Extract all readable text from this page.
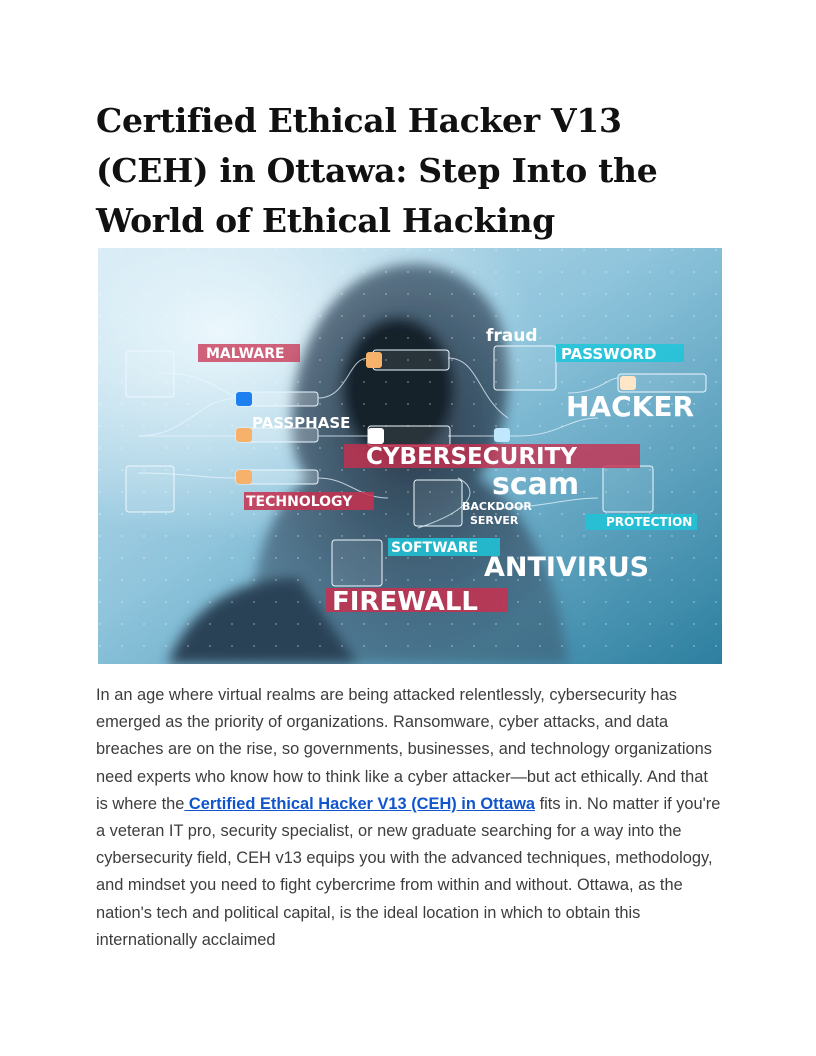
Certified Ethical Hacker V13 (CEH) in Ottawa: Step Into the World of Ethical Hacking
MALWARE
fraud
PASSWORD
HACKER
PASSPHASE
CYBERSECURITY
scam
TECHNOLOGY	BACKDOOR
SERVER	PROTECTION
SOFTWARE
ANTIVIRUS
FIREWALL
In an age where virtual realms are being attacked relentlessly, cybersecurity has emerged as the priority of organizations. Ransomware, cyber attacks, and data breaches are on the rise, so governments, businesses, and technology organizations need experts who know how to think like a cyber attacker—but act ethically. And that is where the Certified Ethical Hacker V13 (CEH) in Ottawa fits in. No matter if you're a veteran IT pro, security specialist, or new graduate searching for a way into the cybersecurity field, CEH v13 equips you with the advanced techniques, methodology, and mindset you need to fight cybercrime from within and without. Ottawa, as the nation's tech and political capital, is the ideal location in which to obtain this internationally acclaimed
